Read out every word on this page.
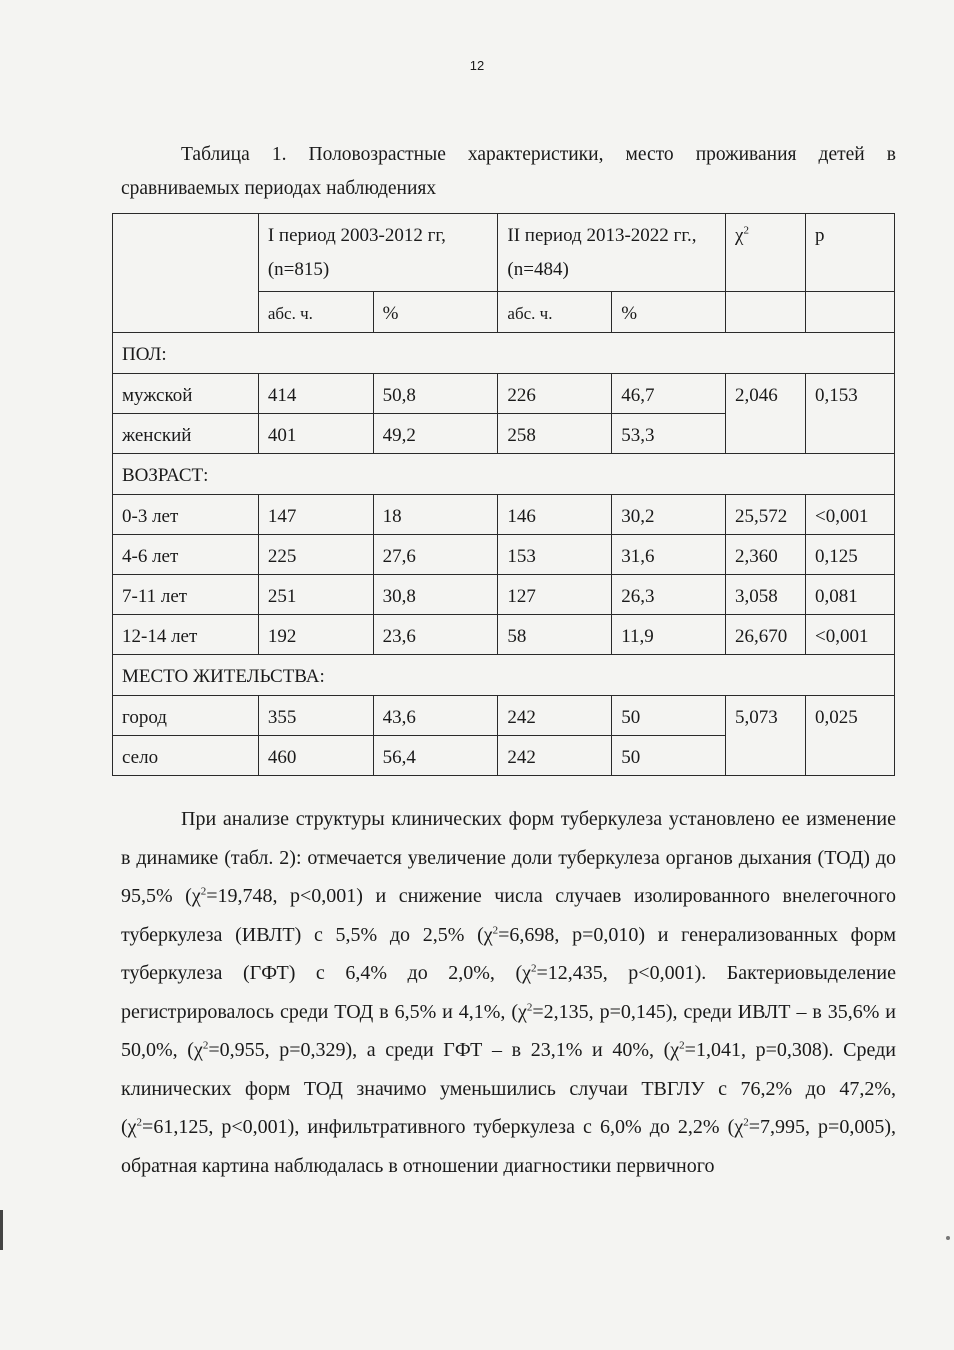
12
Таблица 1. Половозрастные характеристики, место проживания детей в сравниваемых периодах наблюдениях
	I период 2003-2012 гг, (n=815)		II период 2013-2022 гг., (n=484)		$\chi^2$	p
	абс. ч.	%	абс. ч.	%		
ПОЛ:						
мужской	414	50,8	226	46,7	2,046	0,153
женский	401	49,2	258	53,3		
ВОЗРАСТ:						
0-3 лет	147	18	146	30,2	25,572	<0,001
4-6 лет	225	27,6	153	31,6	2,360	0,125
7-11 лет	251	30,8	127	26,3	3,058	0,081
12-14 лет	192	23,6	58	11,9	26,670	<0,001
МЕСТО ЖИТЕЛЬСТВА:						
город	355	43,6	242	50	5,073	0,025
село	460	56,4	242	50		
При анализе структуры клинических форм туберкулеза установлено ее изменение в динамике (табл. 2): отмечается увеличение доли туберкулеза органов дыхания (ТОД) до 95,5% ($\chi^2=19,748$, p<0,001) и снижение числа случаев изолированного внелегочного туберкулеза (ИВЛТ) с 5,5% до 2,5% ($\chi^2=6,698$, p=0,010) и генерализованных форм туберкулеза (ГФТ) с 6,4% до 2,0%, ($\chi^2=12,435$, p<0,001). Бактериовыделение регистрировалось среди ТОД в 6,5% и 4,1%, ($\chi^2=2,135$, p=0,145), среди ИВЛТ – в 35,6% и 50,0%, ($\chi^2=0,955$, p=0,329), а среди ГФТ – в 23,1% и 40%, ($\chi^2=1,041$, p=0,308). Среди клинических форм ТОД значимо уменьшились случаи ТВГЛУ с 76,2% до 47,2%, ($\chi^2=61,125$, p<0,001), инфильтративного туберкулеза с 6,0% до 2,2% ($\chi^2=7,995$, p=0,005), обратная картина наблюдалась в отношении диагностики первичного
